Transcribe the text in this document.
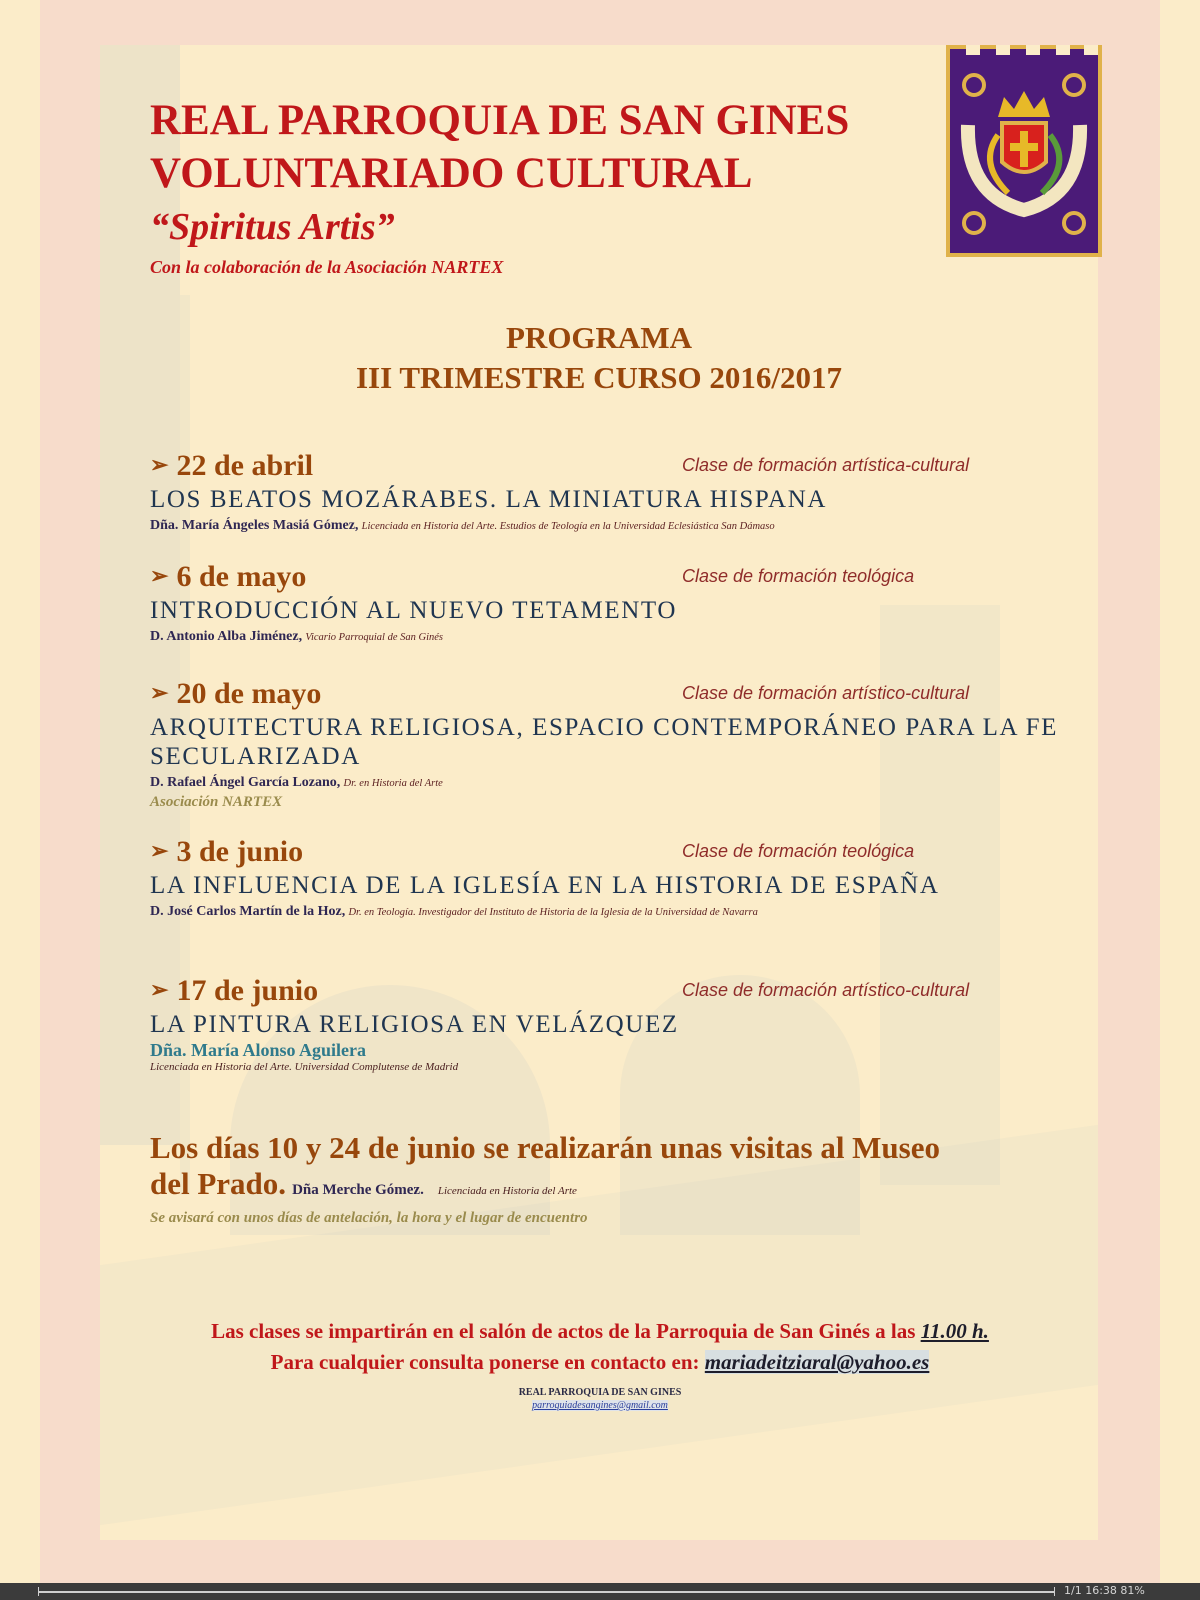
REAL PARROQUIA DE SAN GINES
VOLUNTARIADO CULTURAL
“Spiritus Artis”
Con la colaboración de la Asociación NARTEX
PROGRAMA
III TRIMESTRE CURSO 2016/2017
➢ 22 de abril	Clase de formación artística-cultural
LOS BEATOS MOZÁRABES. LA MINIATURA HISPANA
Dña. María Ángeles Masiá Gómez, Licenciada en Historia del Arte. Estudios de Teología en la Universidad Eclesiástica San Dámaso
➢ 6 de mayo	Clase de formación teológica
INTRODUCCIÓN AL NUEVO TETAMENTO
D. Antonio Alba Jiménez, Vicario Parroquial de San Ginés
➢ 20 de mayo	Clase de formación artístico-cultural
ARQUITECTURA RELIGIOSA, ESPACIO CONTEMPORÁNEO PARA LA FE SECULARIZADA
D. Rafael Ángel García Lozano, Dr. en Historia del Arte
Asociación NARTEX
➢ 3 de junio	Clase de formación teológica
LA INFLUENCIA DE LA IGLESÍA EN LA HISTORIA DE ESPAÑA
D. José Carlos Martín de la Hoz, Dr. en Teología. Investigador del Instituto de Historia de la Iglesia de la Universidad de Navarra
➢ 17 de junio	Clase de formación artístico-cultural
LA PINTURA RELIGIOSA EN VELÁZQUEZ
Dña. María Alonso Aguilera
Licenciada en Historia del Arte. Universidad Complutense de Madrid
Los días 10 y 24 de junio se realizarán unas visitas al Museo
del Prado. Dña Merche Gómez. Licenciada en Historia del Arte
Se avisará con unos días de antelación, la hora y el lugar de encuentro
Las clases se impartirán en el salón de actos de la Parroquia de San Ginés a las 11.00 h.
Para cualquier consulta ponerse en contacto en: mariadeitziaral@yahoo.es
REAL PARROQUIA DE SAN GINES
parroquiadesangines@gmail.com
1/1 16:38 81%
